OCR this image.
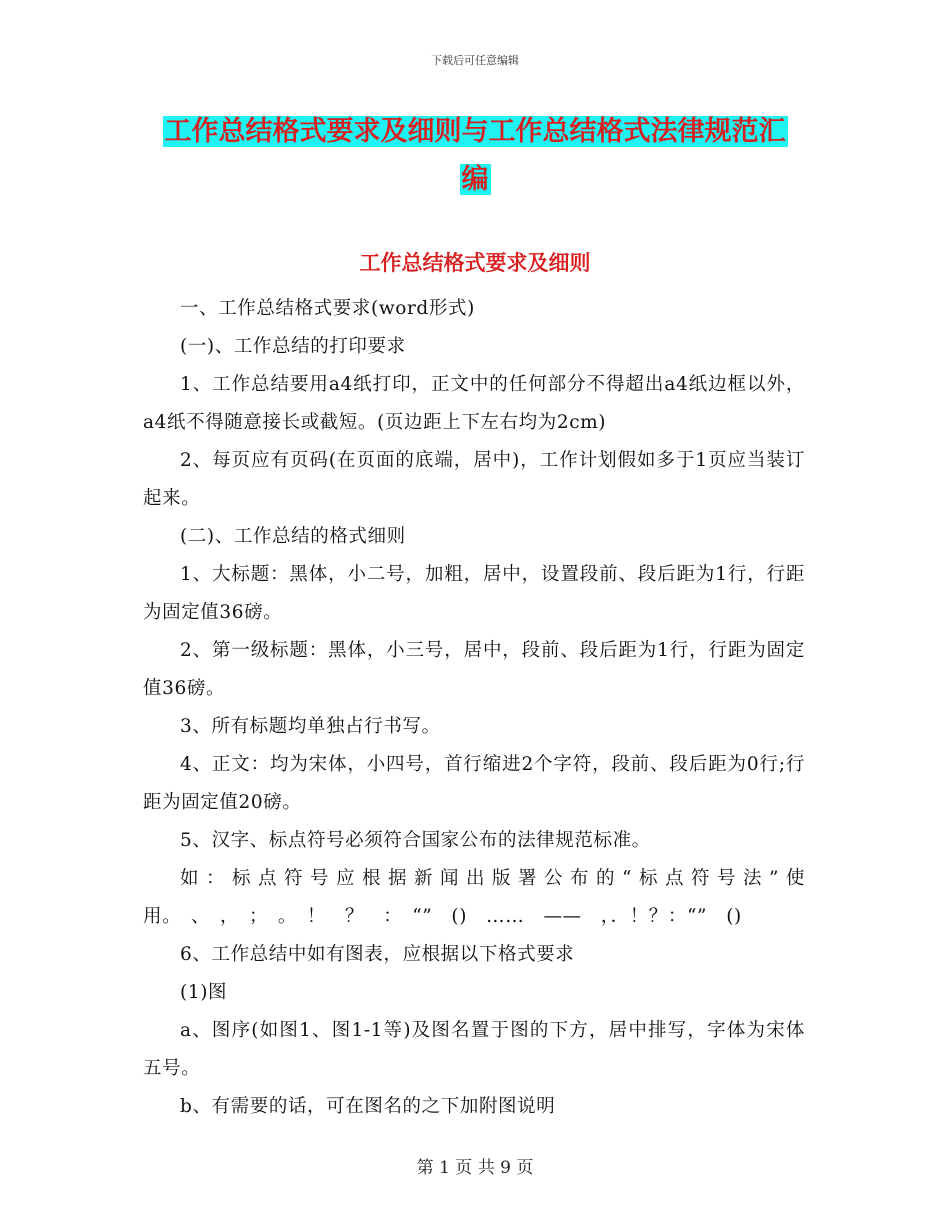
下载后可任意编辑
工作总结格式要求及细则与工作总结格式法律规范汇
编
工作总结格式要求及细则

一、工作总结格式要求(word形式)

(一)、工作总结的打印要求

1、工作总结要用a4纸打印，正文中的任何部分不得超出a4纸边框以外，a4纸不得随意接长或截短。(页边距上下左右均为2cm)

2、每页应有页码(在页面的底端，居中)，工作计划假如多于1页应当装订起来。

(二)、工作总结的格式细则

1、大标题：黑体，小二号，加粗，居中，设置段前、段后距为1行，行距为固定值36磅。

2、第一级标题：黑体，小三号，居中，段前、段后距为1行，行距为固定值36磅。

3、所有标题均单独占行书写。

4、正文：均为宋体，小四号，首行缩进2个字符，段前、段后距为0行;行距为固定值20磅。

5、汉字、标点符号必须符合国家公布的法律规范标准。

如：标点符号应根据新闻出版署公布的“标点符号法”使用。　、　，　；　。　！　？　：　“”　()　……　——　，．！？：“”　()

6、工作总结中如有图表，应根据以下格式要求

(1)图

a、图序(如图1、图1-1等)及图名置于图的下方，居中排写，字体为宋体五号。

b、有需要的话，可在图名的之下加附图说明

第 1 页 共 9 页
